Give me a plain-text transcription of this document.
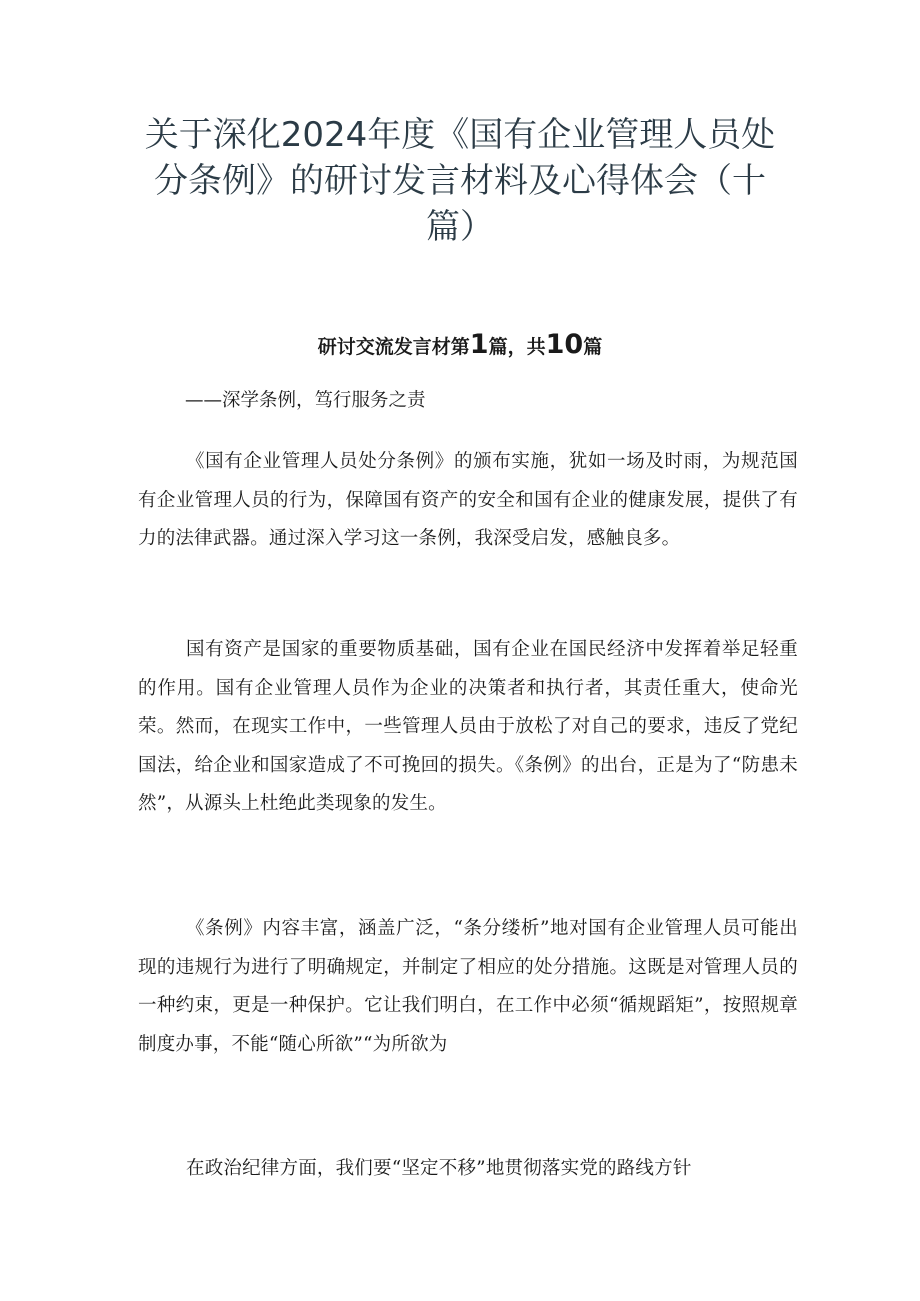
关于深化2024年度《国有企业管理人员处分条例》的研讨发言材料及心得体会（十篇）
研讨交流发言材第1篇，共10篇

——深学条例，笃行服务之责

《国有企业管理人员处分条例》的颁布实施，犹如一场及时雨，为规范国有企业管理人员的行为，保障国有资产的安全和国有企业的健康发展，提供了有力的法律武器。通过深入学习这一条例，我深受启发，感触良多。

国有资产是国家的重要物质基础，国有企业在国民经济中发挥着举足轻重的作用。国有企业管理人员作为企业的决策者和执行者，其责任重大，使命光荣。然而，在现实工作中，一些管理人员由于放松了对自己的要求，违反了党纪国法，给企业和国家造成了不可挽回的损失。《条例》的出台，正是为了“防患未然”，从源头上杜绝此类现象的发生。

《条例》内容丰富，涵盖广泛，“条分缕析”地对国有企业管理人员可能出现的违规行为进行了明确规定，并制定了相应的处分措施。这既是对管理人员的一种约束，更是一种保护。它让我们明白，在工作中必须“循规蹈矩”，按照规章制度办事，不能“随心所欲”“为所欲为

在政治纪律方面，我们要“坚定不移”地贯彻落实党的路线方针
